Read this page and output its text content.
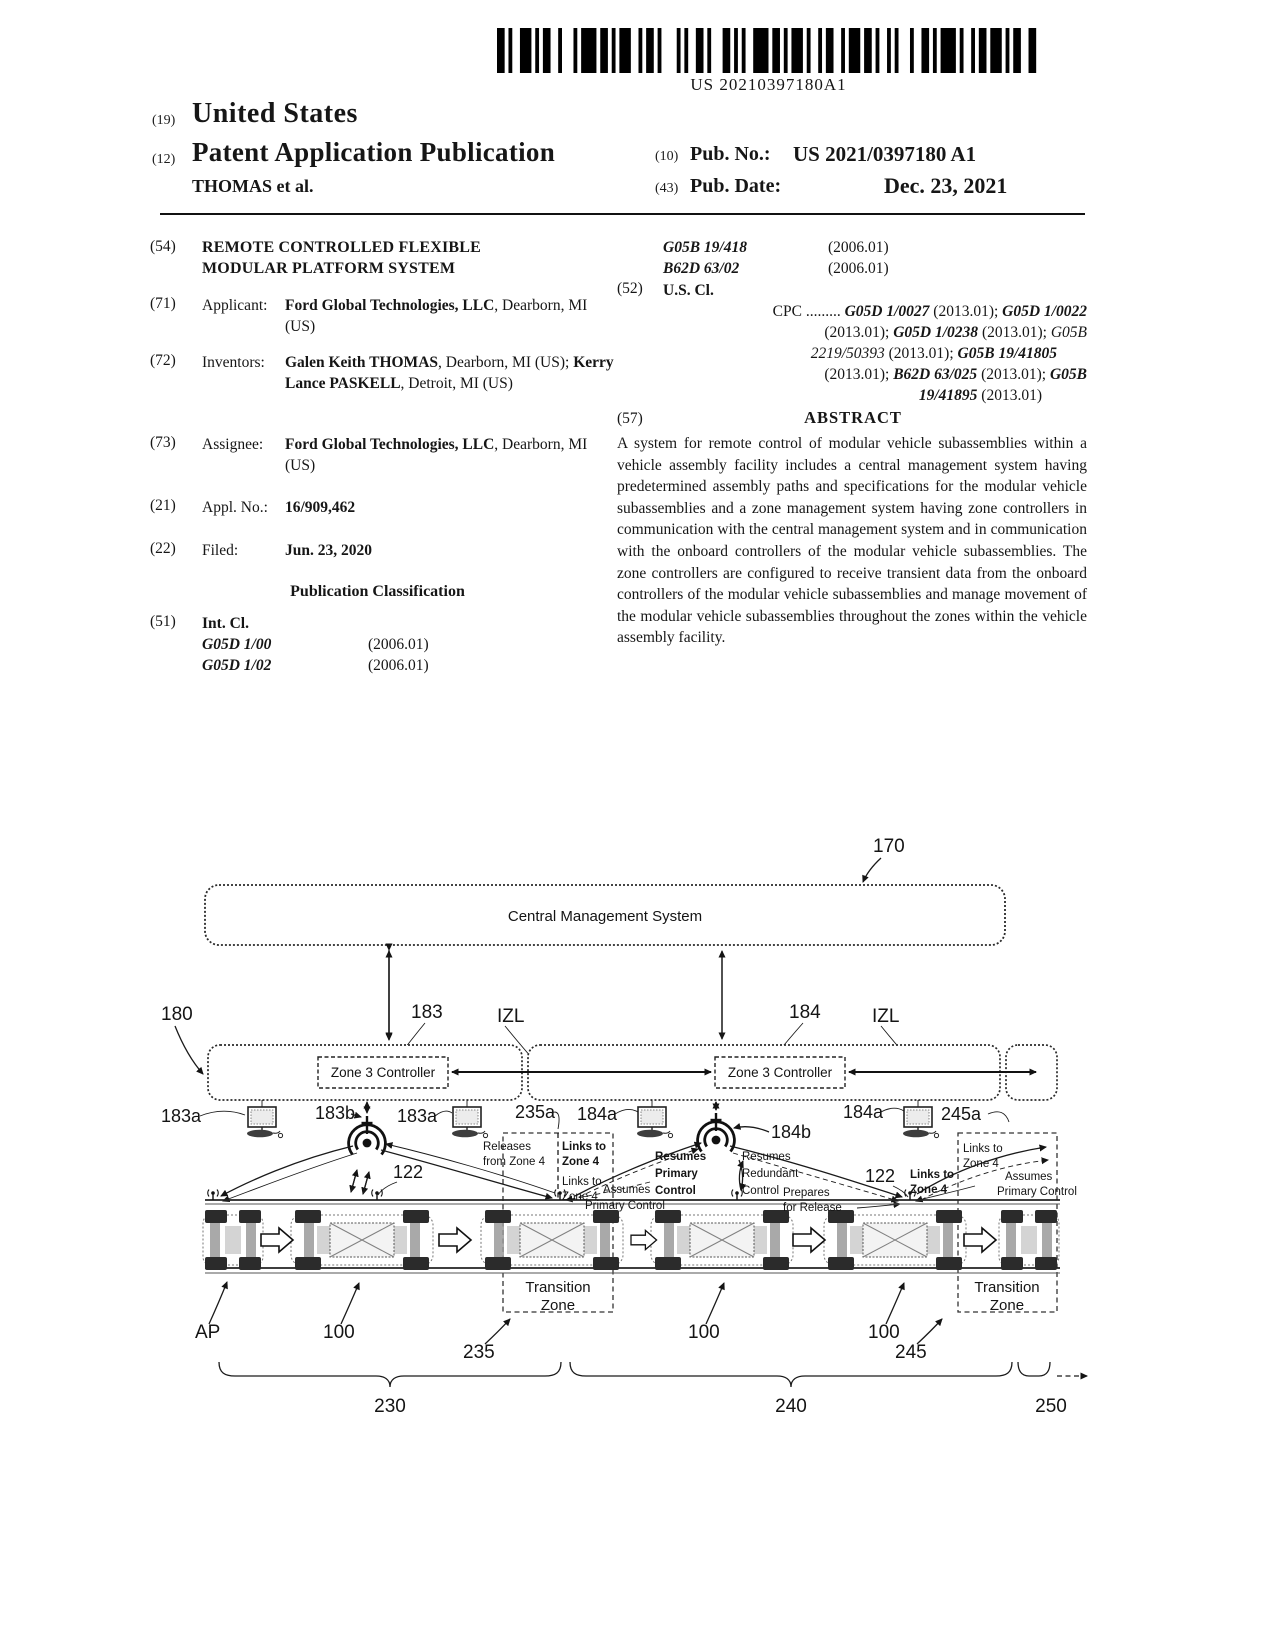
US 20210397180A1
(19) United States
(12) Patent Application Publication	(10) Pub. No.: US 2021/0397180 A1
THOMAS et al.	(43) Pub. Date:	Dec. 23, 2021
(54) REMOTE CONTROLLED FLEXIBLE MODULAR PLATFORM SYSTEM
(71) Applicant: Ford Global Technologies, LLC, Dearborn, MI (US)
(72) Inventors: Galen Keith THOMAS, Dearborn, MI (US); Kerry Lance PASKELL, Detroit, MI (US)
(73) Assignee: Ford Global Technologies, LLC, Dearborn, MI (US)
(21) Appl. No.: 16/909,462
(22) Filed:	Jun. 23, 2020
Publication Classification
(51) Int. Cl.
G05D 1/00	(2006.01)
G05D 1/02	(2006.01)
G05B 19/418	(2006.01)
B62D 63/02	(2006.01)
(52) U.S. Cl.
CPC ......... G05D 1/0027 (2013.01); G05D 1/0022
(2013.01); G05D 1/0238 (2013.01); G05B
2219/50393 (2013.01); G05B 19/41805
(2013.01); B62D 63/025 (2013.01); G05B
19/41895 (2013.01)
(57)	ABSTRACT
A system for remote control of modular vehicle subassemblies within a vehicle assembly facility includes a central management system having predetermined assembly paths and specifications for the modular vehicle subassemblies and a zone management system having zone controllers in communication with the central management system and in communication with the onboard controllers of the modular vehicle subassemblies. The zone controllers are configured to receive transient data from the onboard controllers of the modular vehicle subassemblies and manage movement of the modular vehicle subassemblies throughout the zones within the vehicle assembly facility.
170
Central Management System
180	183	IZL	184	IZL
Zone 3 Controller	Zone 3 Controller
183a	183b 183a	235a 184a
184b
184a	245a
122	122
Releases
from Zone 4
Links to
Zone 4
Links to
Zone 4
Assumes
Primary Control
Resumes
Primary
Control
Resumes
Redundant
Control Prepares
for Release
Links to
Zone 4
Links to
Zone 4
Assumes
Primary Control
Transition
Zone
Transition
Zone
AP	100	100	100
235	245
230	240	250
